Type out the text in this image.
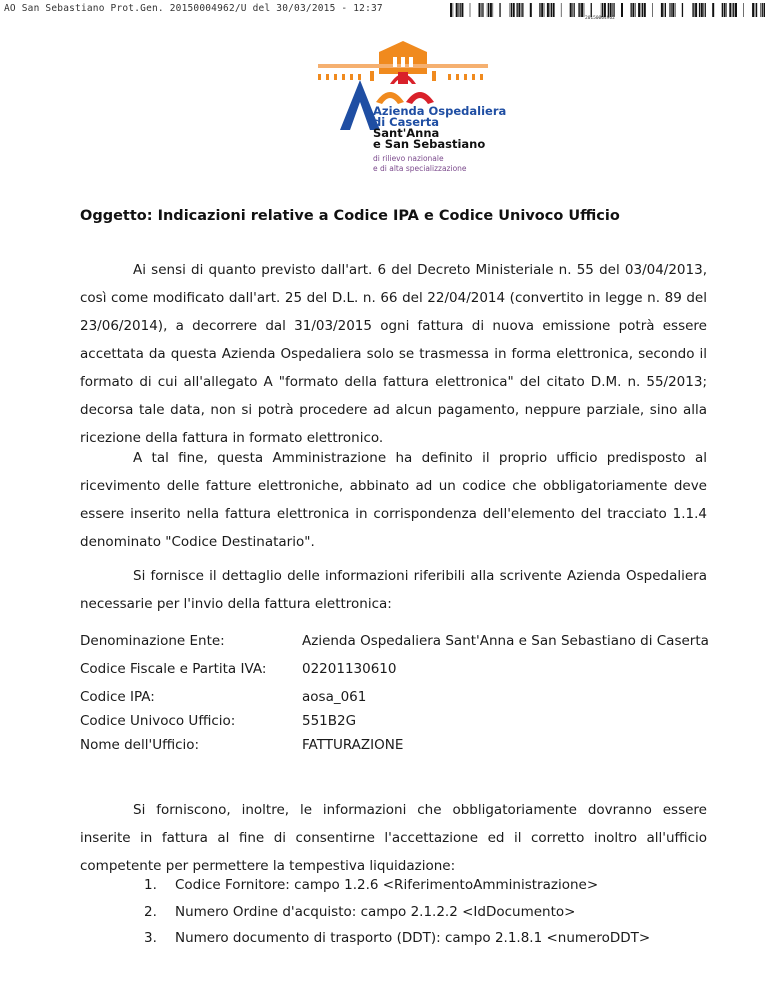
AO San Sebastiano Prot.Gen. 20150004962/U del 30/03/2015 - 12:37
20150004962
Azienda Ospedaliera
di Caserta
Sant'Anna
e San Sebastiano
di rilievo nazionale
e di alta specializzazione
Oggetto: Indicazioni relative a Codice IPA e Codice Univoco Ufficio
Ai sensi di quanto previsto dall'art. 6 del Decreto Ministeriale n. 55 del 03/04/2013, così come modificato dall'art. 25 del D.L. n. 66 del 22/04/2014 (convertito in legge n. 89 del 23/06/2014), a decorrere dal 31/03/2015 ogni fattura di nuova emissione potrà essere accettata da questa Azienda Ospedaliera solo se trasmessa in forma elettronica, secondo il formato di cui all'allegato A "formato della fattura elettronica" del citato D.M. n. 55/2013; decorsa tale data, non si potrà procedere ad alcun pagamento, neppure parziale, sino alla ricezione della fattura in formato elettronico.
A tal fine, questa Amministrazione ha definito il proprio ufficio predisposto al ricevimento delle fatture elettroniche, abbinato ad un codice che obbligatoriamente deve essere inserito nella fattura elettronica in corrispondenza dell'elemento del tracciato 1.1.4 denominato "Codice Destinatario".
Si fornisce il dettaglio delle informazioni riferibili alla scrivente Azienda Ospedaliera necessarie per l'invio della fattura elettronica:
Denominazione Ente:	Azienda Ospedaliera Sant'Anna e San Sebastiano di Caserta
Codice Fiscale e Partita IVA:	02201130610
Codice IPA:	aosa_061
Codice Univoco Ufficio:	551B2G
Nome dell'Ufficio:	FATTURAZIONE
Si forniscono, inoltre, le informazioni che obbligatoriamente dovranno essere inserite in fattura al fine di consentirne l'accettazione ed il corretto inoltro all'ufficio competente per permettere la tempestiva liquidazione:
1. Codice Fornitore: campo 1.2.6 <RiferimentoAmministrazione>
2. Numero Ordine d'acquisto: campo 2.1.2.2 <IdDocumento>
3. Numero documento di trasporto (DDT): campo 2.1.8.1 <numeroDDT>
